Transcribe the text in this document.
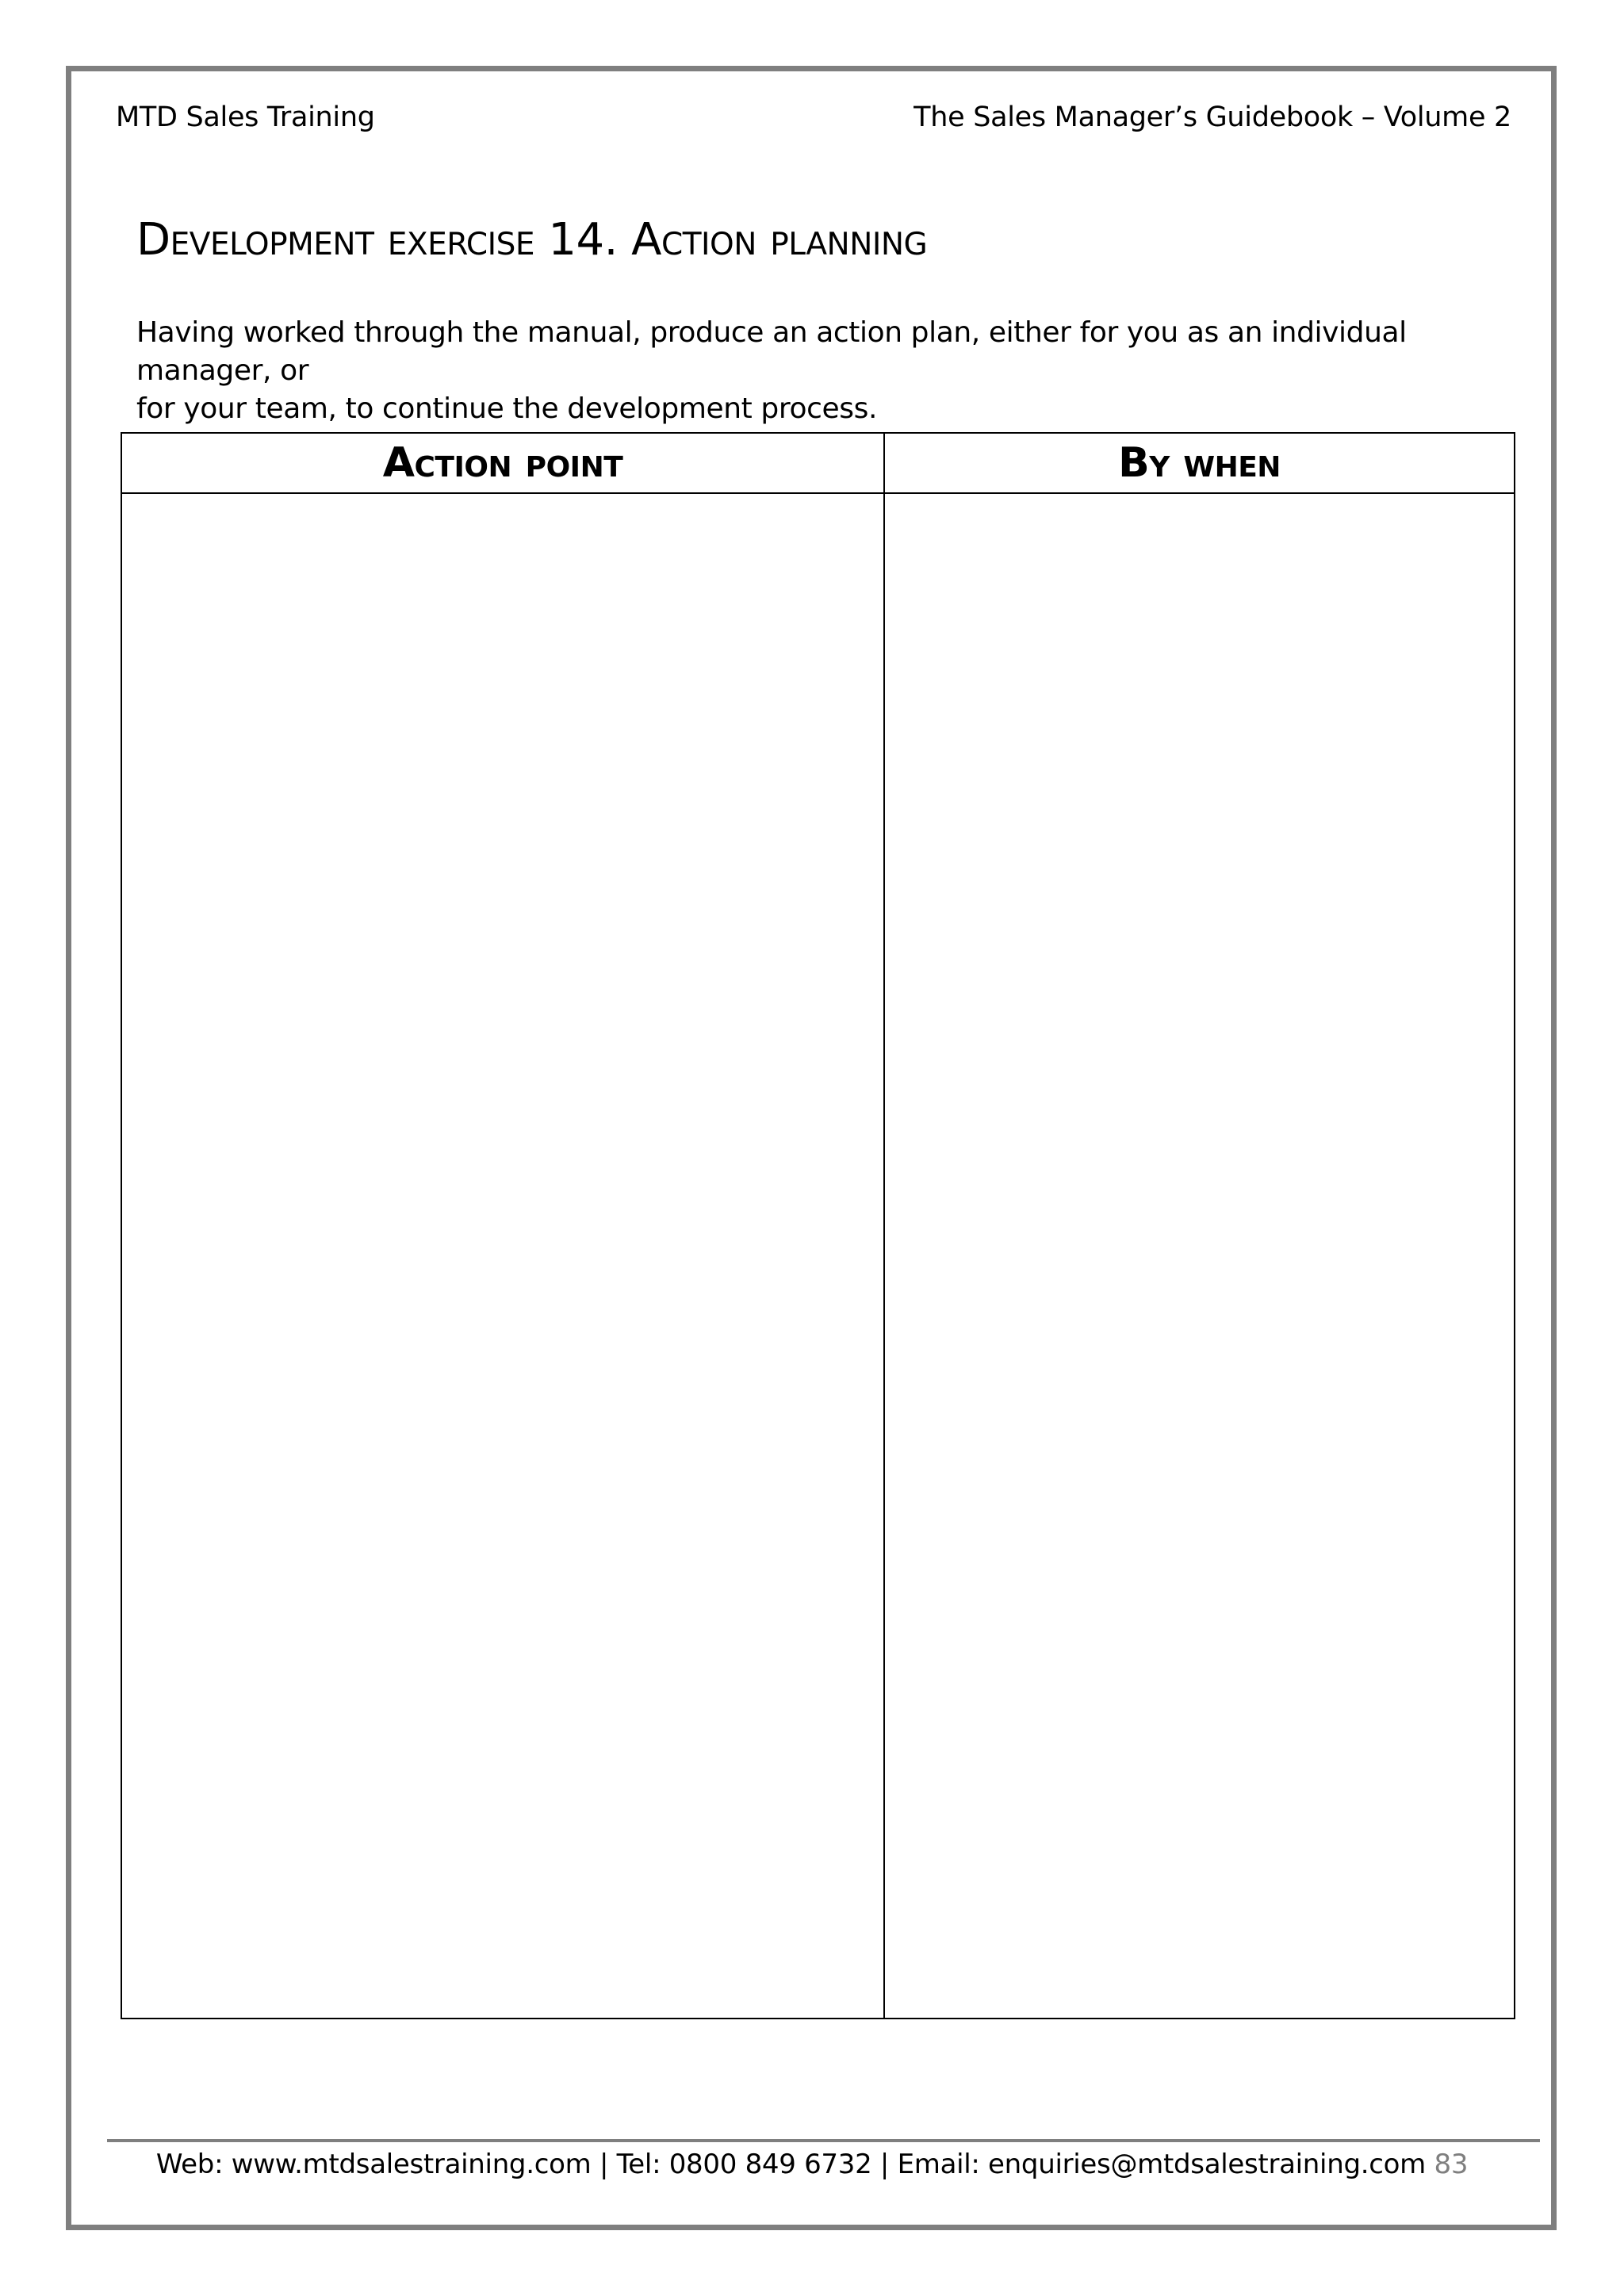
MTD Sales Training	The Sales Manager’s Guidebook – Volume 2
Development exercise 14. Action planning

Having worked through the manual, produce an action plan, either for you as an individual manager, or

for your team, to continue the development process.

Action point	By when

Web: www.mtdsalestraining.com | Tel: 0800 849 6732 | Email: enquiries@mtdsalestraining.com 83
